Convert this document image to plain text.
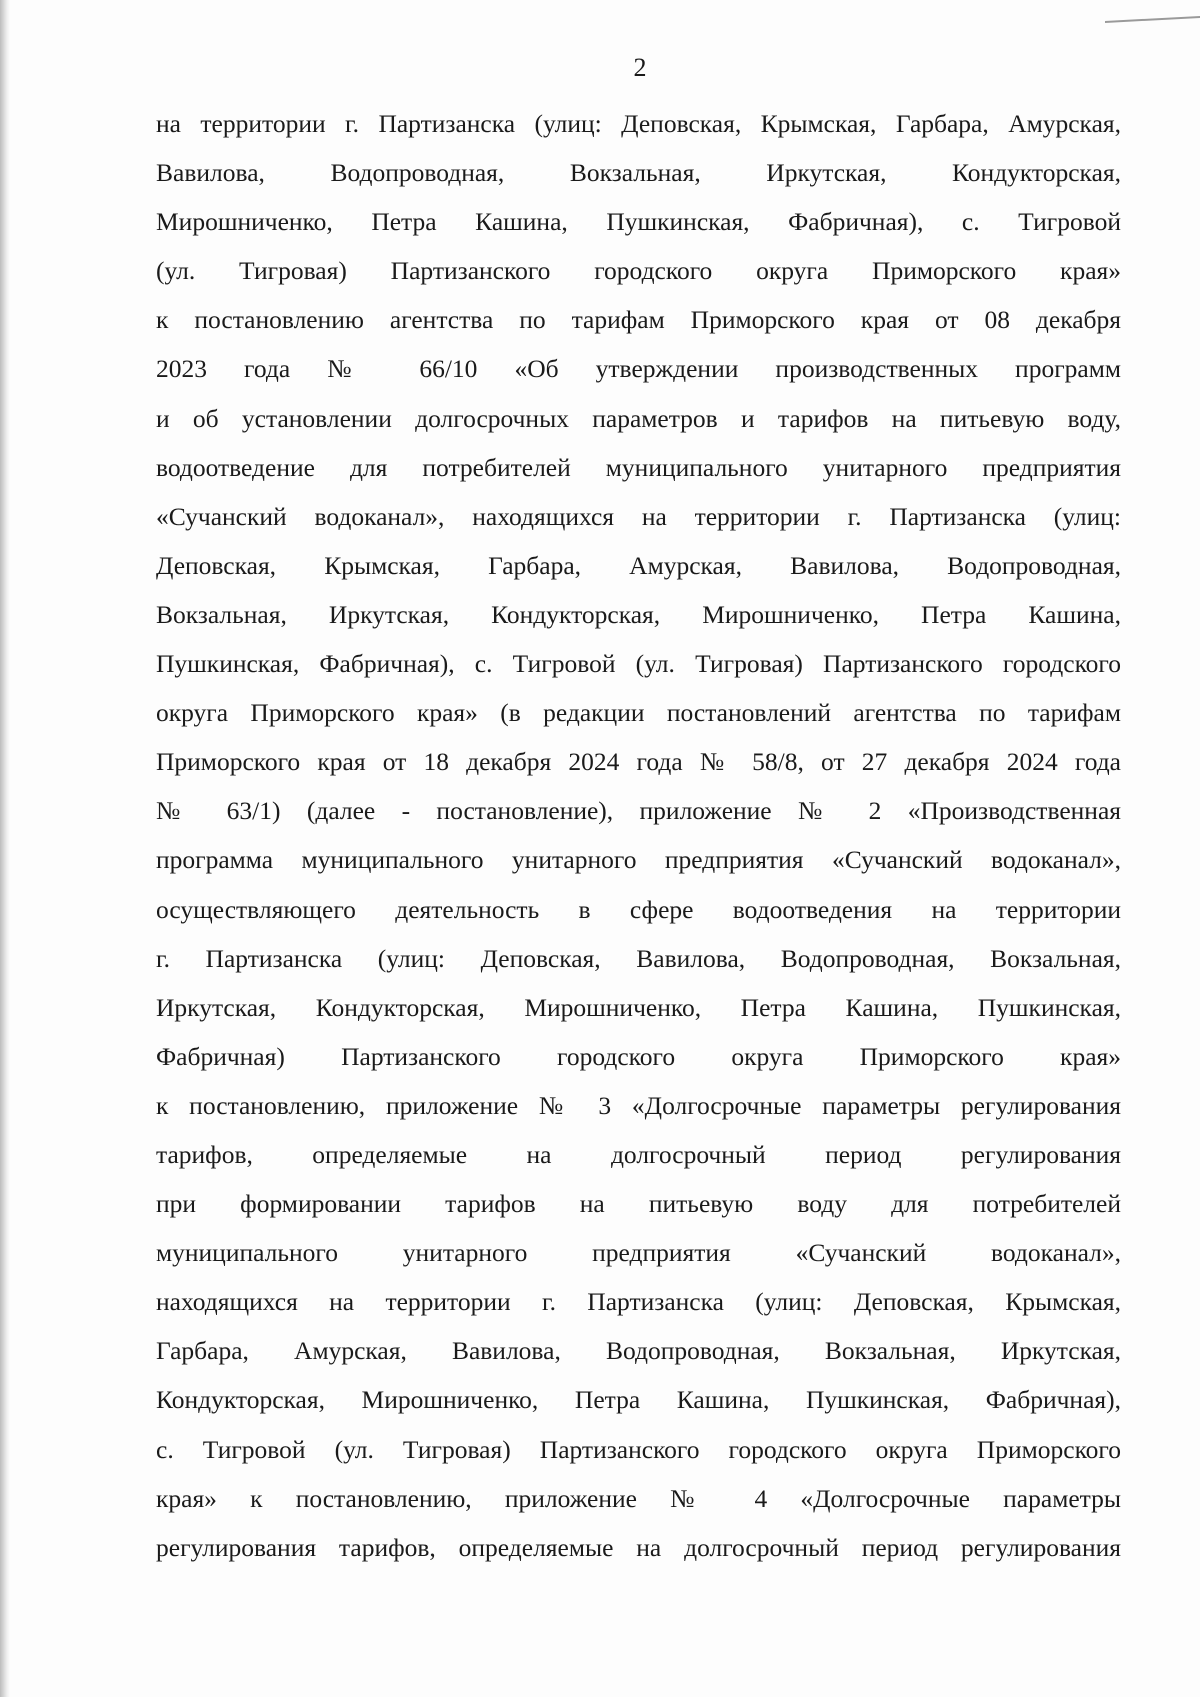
2
на территории г. Партизанска (улиц: Деповская, Крымская, Гарбара, Амурская,
Вавилова, Водопроводная, Вокзальная, Иркутская, Кондукторская,
Мирошниченко, Петра Кашина, Пушкинская, Фабричная), с. Тигровой
(ул. Тигровая) Партизанского городского округа Приморского края»
к постановлению агентства по тарифам Приморского края от 08 декабря
2023 года № 66/10 «Об утверждении производственных программ
и об установлении долгосрочных параметров и тарифов на питьевую воду,
водоотведение для потребителей муниципального унитарного предприятия
«Сучанский водоканал», находящихся на территории г. Партизанска (улиц:
Деповская, Крымская, Гарбара, Амурская, Вавилова, Водопроводная,
Вокзальная, Иркутская, Кондукторская, Мирошниченко, Петра Кашина,
Пушкинская, Фабричная), с. Тигровой (ул. Тигровая) Партизанского городского
округа Приморского края» (в редакции постановлений агентства по тарифам
Приморского края от 18 декабря 2024 года № 58/8, от 27 декабря 2024 года
№ 63/1) (далее - постановление), приложение № 2 «Производственная
программа муниципального унитарного предприятия «Сучанский водоканал»,
осуществляющего деятельность в сфере водоотведения на территории
г. Партизанска (улиц: Деповская, Вавилова, Водопроводная, Вокзальная,
Иркутская, Кондукторская, Мирошниченко, Петра Кашина, Пушкинская,
Фабричная) Партизанского городского округа Приморского края»
к постановлению, приложение № 3 «Долгосрочные параметры регулирования
тарифов, определяемые на долгосрочный период регулирования
при формировании тарифов на питьевую воду для потребителей
муниципального унитарного предприятия «Сучанский водоканал»,
находящихся на территории г. Партизанска (улиц: Деповская, Крымская,
Гарбара, Амурская, Вавилова, Водопроводная, Вокзальная, Иркутская,
Кондукторская, Мирошниченко, Петра Кашина, Пушкинская, Фабричная),
с. Тигровой (ул. Тигровая) Партизанского городского округа Приморского
края» к постановлению, приложение № 4 «Долгосрочные параметры
регулирования тарифов, определяемые на долгосрочный период регулирования
